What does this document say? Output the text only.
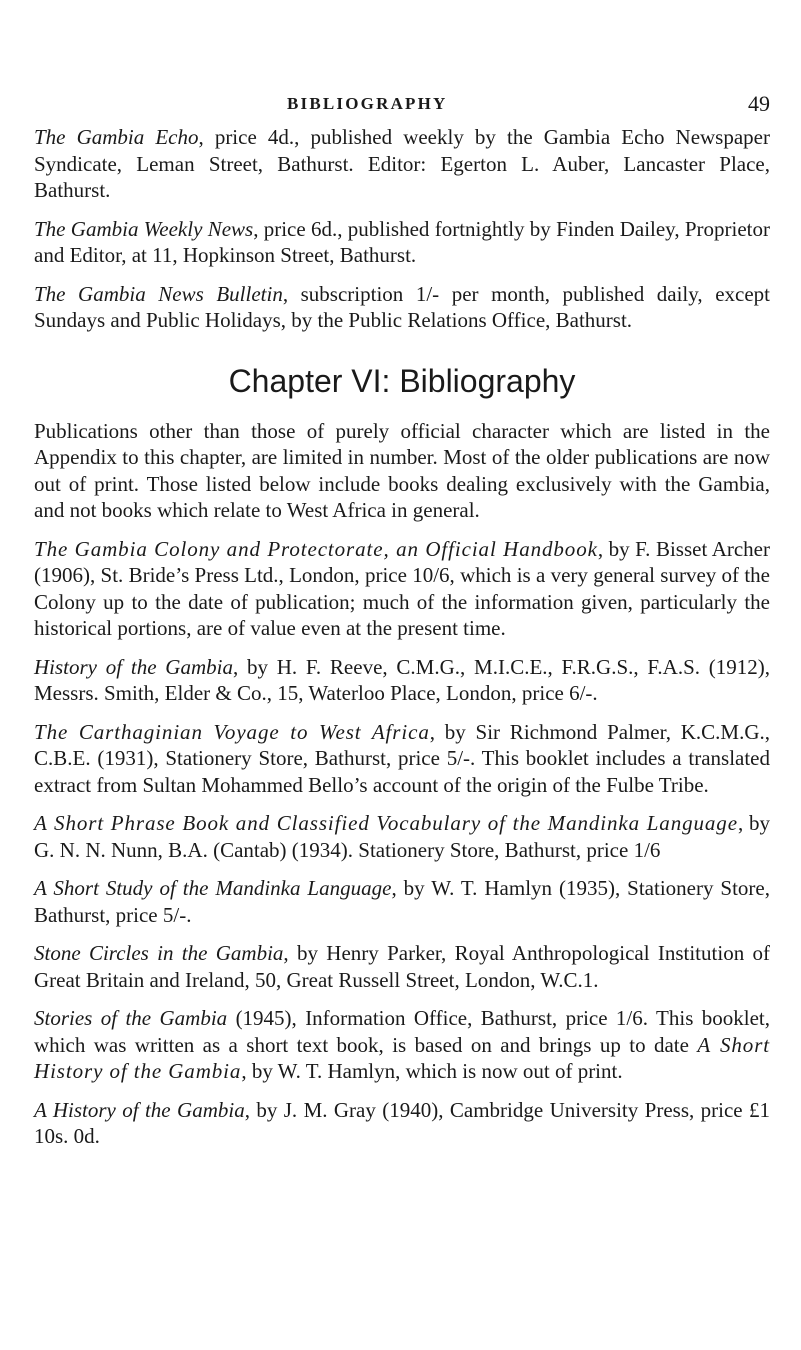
BIBLIOGRAPHY	49

The Gambia Echo, price 4d., published weekly by the Gambia Echo Newspaper Syndicate, Leman Street, Bathurst. Editor: Egerton L. Auber, Lancaster Place, Bathurst.

The Gambia Weekly News, price 6d., published fortnightly by Finden Dailey, Proprietor and Editor, at 11, Hopkinson Street, Bathurst.

The Gambia News Bulletin, subscription 1/- per month, published daily, except Sundays and Public Holidays, by the Public Relations Office, Bathurst.

Chapter VI: Bibliography

Publications other than those of purely official character which are listed in the Appendix to this chapter, are limited in number. Most of the older publications are now out of print. Those listed below include books dealing exclusively with the Gambia, and not books which relate to West Africa in general.

The Gambia Colony and Protectorate, an Official Handbook, by F. Bisset Archer (1906), St. Bride’s Press Ltd., London, price 10/6, which is a very general survey of the Colony up to the date of publication; much of the information given, particularly the historical portions, are of value even at the present time.

History of the Gambia, by H. F. Reeve, C.M.G., M.I.C.E., F.R.G.S., F.A.S. (1912), Messrs. Smith, Elder & Co., 15, Waterloo Place, London, price 6/-.

The Carthaginian Voyage to West Africa, by Sir Richmond Palmer, K.C.M.G., C.B.E. (1931), Stationery Store, Bathurst, price 5/-. This booklet includes a translated extract from Sultan Mohammed Bello’s account of the origin of the Fulbe Tribe.

A Short Phrase Book and Classified Vocabulary of the Mandinka Language, by G. N. N. Nunn, B.A. (Cantab) (1934). Stationery Store, Bathurst, price 1/6

A Short Study of the Mandinka Language, by W. T. Hamlyn (1935), Stationery Store, Bathurst, price 5/-.

Stone Circles in the Gambia, by Henry Parker, Royal Anthropological Institution of Great Britain and Ireland, 50, Great Russell Street, London, W.C.1.

Stories of the Gambia (1945), Information Office, Bathurst, price 1/6. This booklet, which was written as a short text book, is based on and brings up to date A Short History of the Gambia, by W. T. Hamlyn, which is now out of print.

A History of the Gambia, by J. M. Gray (1940), Cambridge University Press, price £1 10s. 0d.
